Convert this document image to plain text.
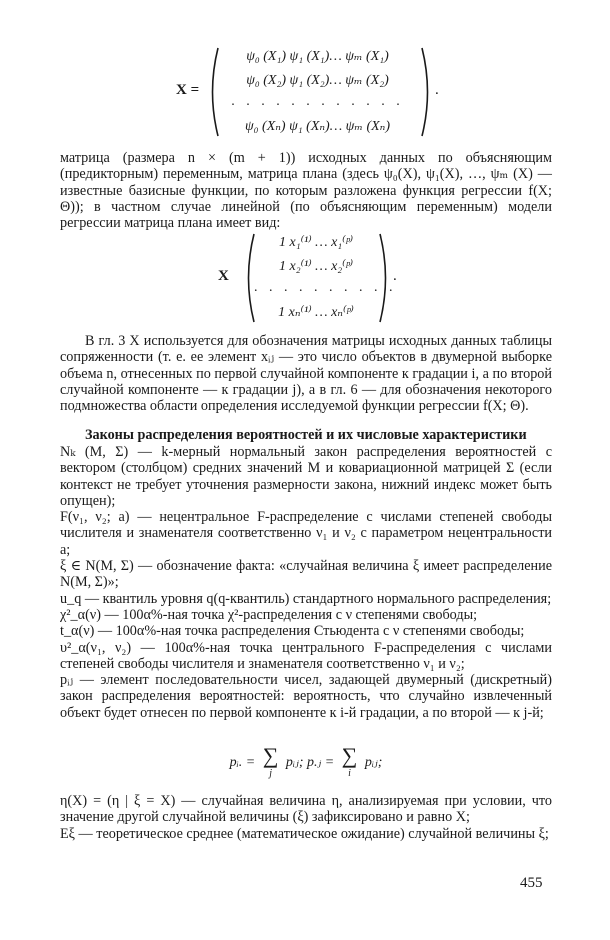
X =
ψ₀ (X₁) ψ₁ (X₁)… ψₘ (X₁)
ψ₀ (X₂) ψ₁ (X₂)… ψₘ (X₂)
. . . . . . . . . . . .
ψ₀ (Xₙ) ψ₁ (Xₙ)… ψₘ (Xₙ)
.

матрица (размера n × (m + 1)) исходных данных по объясняющим (предикторным) переменным, матрица плана (здесь ψ₀(X), ψ₁(X), …, ψₘ (X) — известные базисные функции, по которым разложена функция регрессии f(X; Θ)); в частном случае линейной (по объясняющим переменным) модели регрессии матрица плана имеет вид:

X
1 x₁⁽¹⁾ … x₁⁽ᵖ⁾
1 x₂⁽¹⁾ … x₂⁽ᵖ⁾
. . . . . . . . . .
1 xₙ⁽¹⁾ … xₙ⁽ᵖ⁾
.

В гл. 3 X используется для обозначения матрицы исходных данных таблицы сопряженности (т. е. ее элемент xᵢⱼ — это число объектов в двумерной выборке объема n, отнесенных по первой случайной компоненте к градации i, а по второй случайной компоненте — к градации j), а в гл. 6 — для обозначения некоторого подмножества области определения исследуемой функции регрессии f(X; Θ).

Законы распределения вероятностей и их числовые характеристики

Nₖ (M, Σ) — k-мерный нормальный закон распределения вероятностей с вектором (столбцом) средних значений M и ковариационной матрицей Σ (если контекст не требует уточнения размерности закона, нижний индекс может быть опущен);
F(ν₁, ν₂; a) — нецентральное F-распределение с числами степеней свободы числителя и знаменателя соответственно ν₁ и ν₂ с параметром нецентральности a;
ξ ∈ N(M, Σ) — обозначение факта: «случайная величина ξ имеет распределение N(M, Σ)»;
u_q — квантиль уровня q(q-квантиль) стандартного нормального распределения;
χ²_α(ν) — 100α%-ная точка χ²-распределения с ν степенями свободы;
t_α(ν) — 100α%-ная точка распределения Стьюдента с ν степенями свободы;
υ²_α(ν₁, ν₂) — 100α%-ная точка центрального F-распределения с числами степеней свободы числителя и знаменателя соответственно ν₁ и ν₂;
pᵢⱼ — элемент последовательности чисел, задающей двумерный (дискретный) закон распределения вероятностей: вероятность, что случайно извлеченный объект будет отнесен по первой компоненте к i-й градации, а по второй — к j-й;
pᵢ. = ∑
j
pᵢⱼ; p.ⱼ = ∑
i
pᵢⱼ;
η(X) = (η | ξ = X) — случайная величина η, анализируемая при условии, что значение другой случайной величины (ξ) зафиксировано и равно X;
Eξ — теоретическое среднее (математическое ожидание) случайной величины ξ;
455
